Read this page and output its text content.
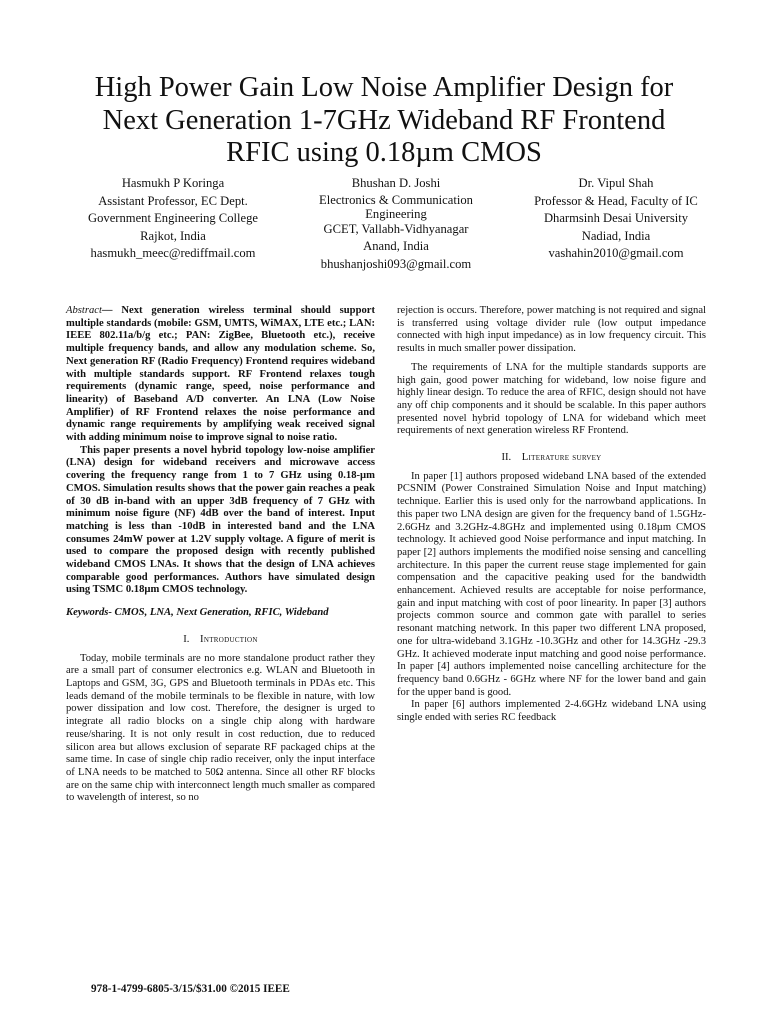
High Power Gain Low Noise Amplifier Design for
Next Generation 1-7GHz Wideband RF Frontend
RFIC using 0.18µm CMOS
Hasmukh P Koringa
Assistant Professor, EC Dept.
Government Engineering College
Rajkot, India
hasmukh_meec@rediffmail.com
Bhushan D. Joshi
Electronics & Communication
Engineering
GCET, Vallabh-Vidhyanagar
Anand, India
bhushanjoshi093@gmail.com
Dr. Vipul Shah
Professor & Head, Faculty of IC
Dharmsinh Desai University
Nadiad, India
vashahin2010@gmail.com

Abstract— Next generation wireless terminal should support multiple standards (mobile: GSM, UMTS, WiMAX, LTE etc.; LAN: IEEE 802.11a/b/g etc.; PAN: ZigBee, Bluetooth etc.), receive multiple frequency bands, and allow any modulation scheme. So, Next generation RF (Radio Frequency) Frontend requires wideband with multiple standards support. RF Frontend relaxes tough requirements (dynamic range, speed, noise performance and linearity) of Baseband A/D converter. An LNA (Low Noise Amplifier) of RF Frontend relaxes the noise performance and dynamic range requirements by amplifying weak received signal with adding minimum noise to improve signal to noise ratio.

This paper presents a novel hybrid topology low-noise amplifier (LNA) design for wideband receivers and microwave access covering the frequency range from 1 to 7 GHz using 0.18-µm CMOS. Simulation results shows that the power gain reaches a peak of 30 dB in-band with an upper 3dB frequency of 7 GHz with minimum noise figure (NF) 4dB over the band of interest. Input matching is less than -10dB in interested band and the LNA consumes 24mW power at 1.2V supply voltage. A figure of merit is used to compare the proposed design with recently published wideband CMOS LNAs. It shows that the design of LNA achieves comparable good performances. Authors have simulated design using TSMC 0.18µm CMOS technology.

Keywords- CMOS, LNA, Next Generation, RFIC, Wideband

I. Introduction

Today, mobile terminals are no more standalone product rather they are a small part of consumer electronics e.g. WLAN and Bluetooth in Laptops and GSM, 3G, GPS and Bluetooth terminals in PDAs etc. This leads demand of the mobile terminals to be flexible in nature, with low power dissipation and low cost. Therefore, the designer is urged to integrate all radio blocks on a single chip along with hardware reuse/sharing. It is not only result in cost reduction, due to reduced silicon area but allows exclusion of separate RF packaged chips at the same time. In case of single chip radio receiver, only the input interface of LNA needs to be matched to 50Ω antenna. Since all other RF blocks are on the same chip with interconnect length much smaller as compared to wavelength of interest, so no

rejection is occurs. Therefore, power matching is not required and signal is transferred using voltage divider rule (low output impedance connected with high input impedance) as in low frequency circuit. This results in much smaller power dissipation.

The requirements of LNA for the multiple standards supports are high gain, good power matching for wideband, low noise figure and highly linear design. To reduce the area of RFIC, design should not have any off chip components and it should be scalable. In this paper authors presented novel hybrid topology of LNA for wideband which meet requirements of next generation wireless RF Frontend.

II. Literature survey

In paper [1] authors proposed wideband LNA based of the extended PCSNIM (Power Constrained Simulation Noise and Input matching) technique. Earlier this is used only for the narrowband applications. In this paper two LNA design are given for the frequency band of 1.5GHz-2.6GHz and 3.2GHz-4.8GHz and implemented using 0.18µm CMOS technology. It achieved good Noise performance and input matching. In paper [2] authors implements the modified noise sensing and cancelling architecture. In this paper the current reuse stage implemented for gain compensation and the capacitive peaking used for the bandwidth enhancement. Achieved results are acceptable for noise performance, gain and input matching with cost of poor linearity. In paper [3] authors projects common source and common gate with parallel to series resonant matching network. In this paper two different LNA proposed, one for ultra-wideband 3.1GHz -10.3GHz and other for 14.3GHz -29.3 GHz. It achieved moderate input matching and good noise performance. In paper [4] authors implemented noise cancelling architecture for the frequency band 0.6GHz - 6GHz where NF for the lower band and gain for the upper band is good.

In paper [6] authors implemented 2-4.6GHz wideband LNA using single ended with series RC feedback

978-1-4799-6805-3/15/$31.00 ©2015 IEEE
